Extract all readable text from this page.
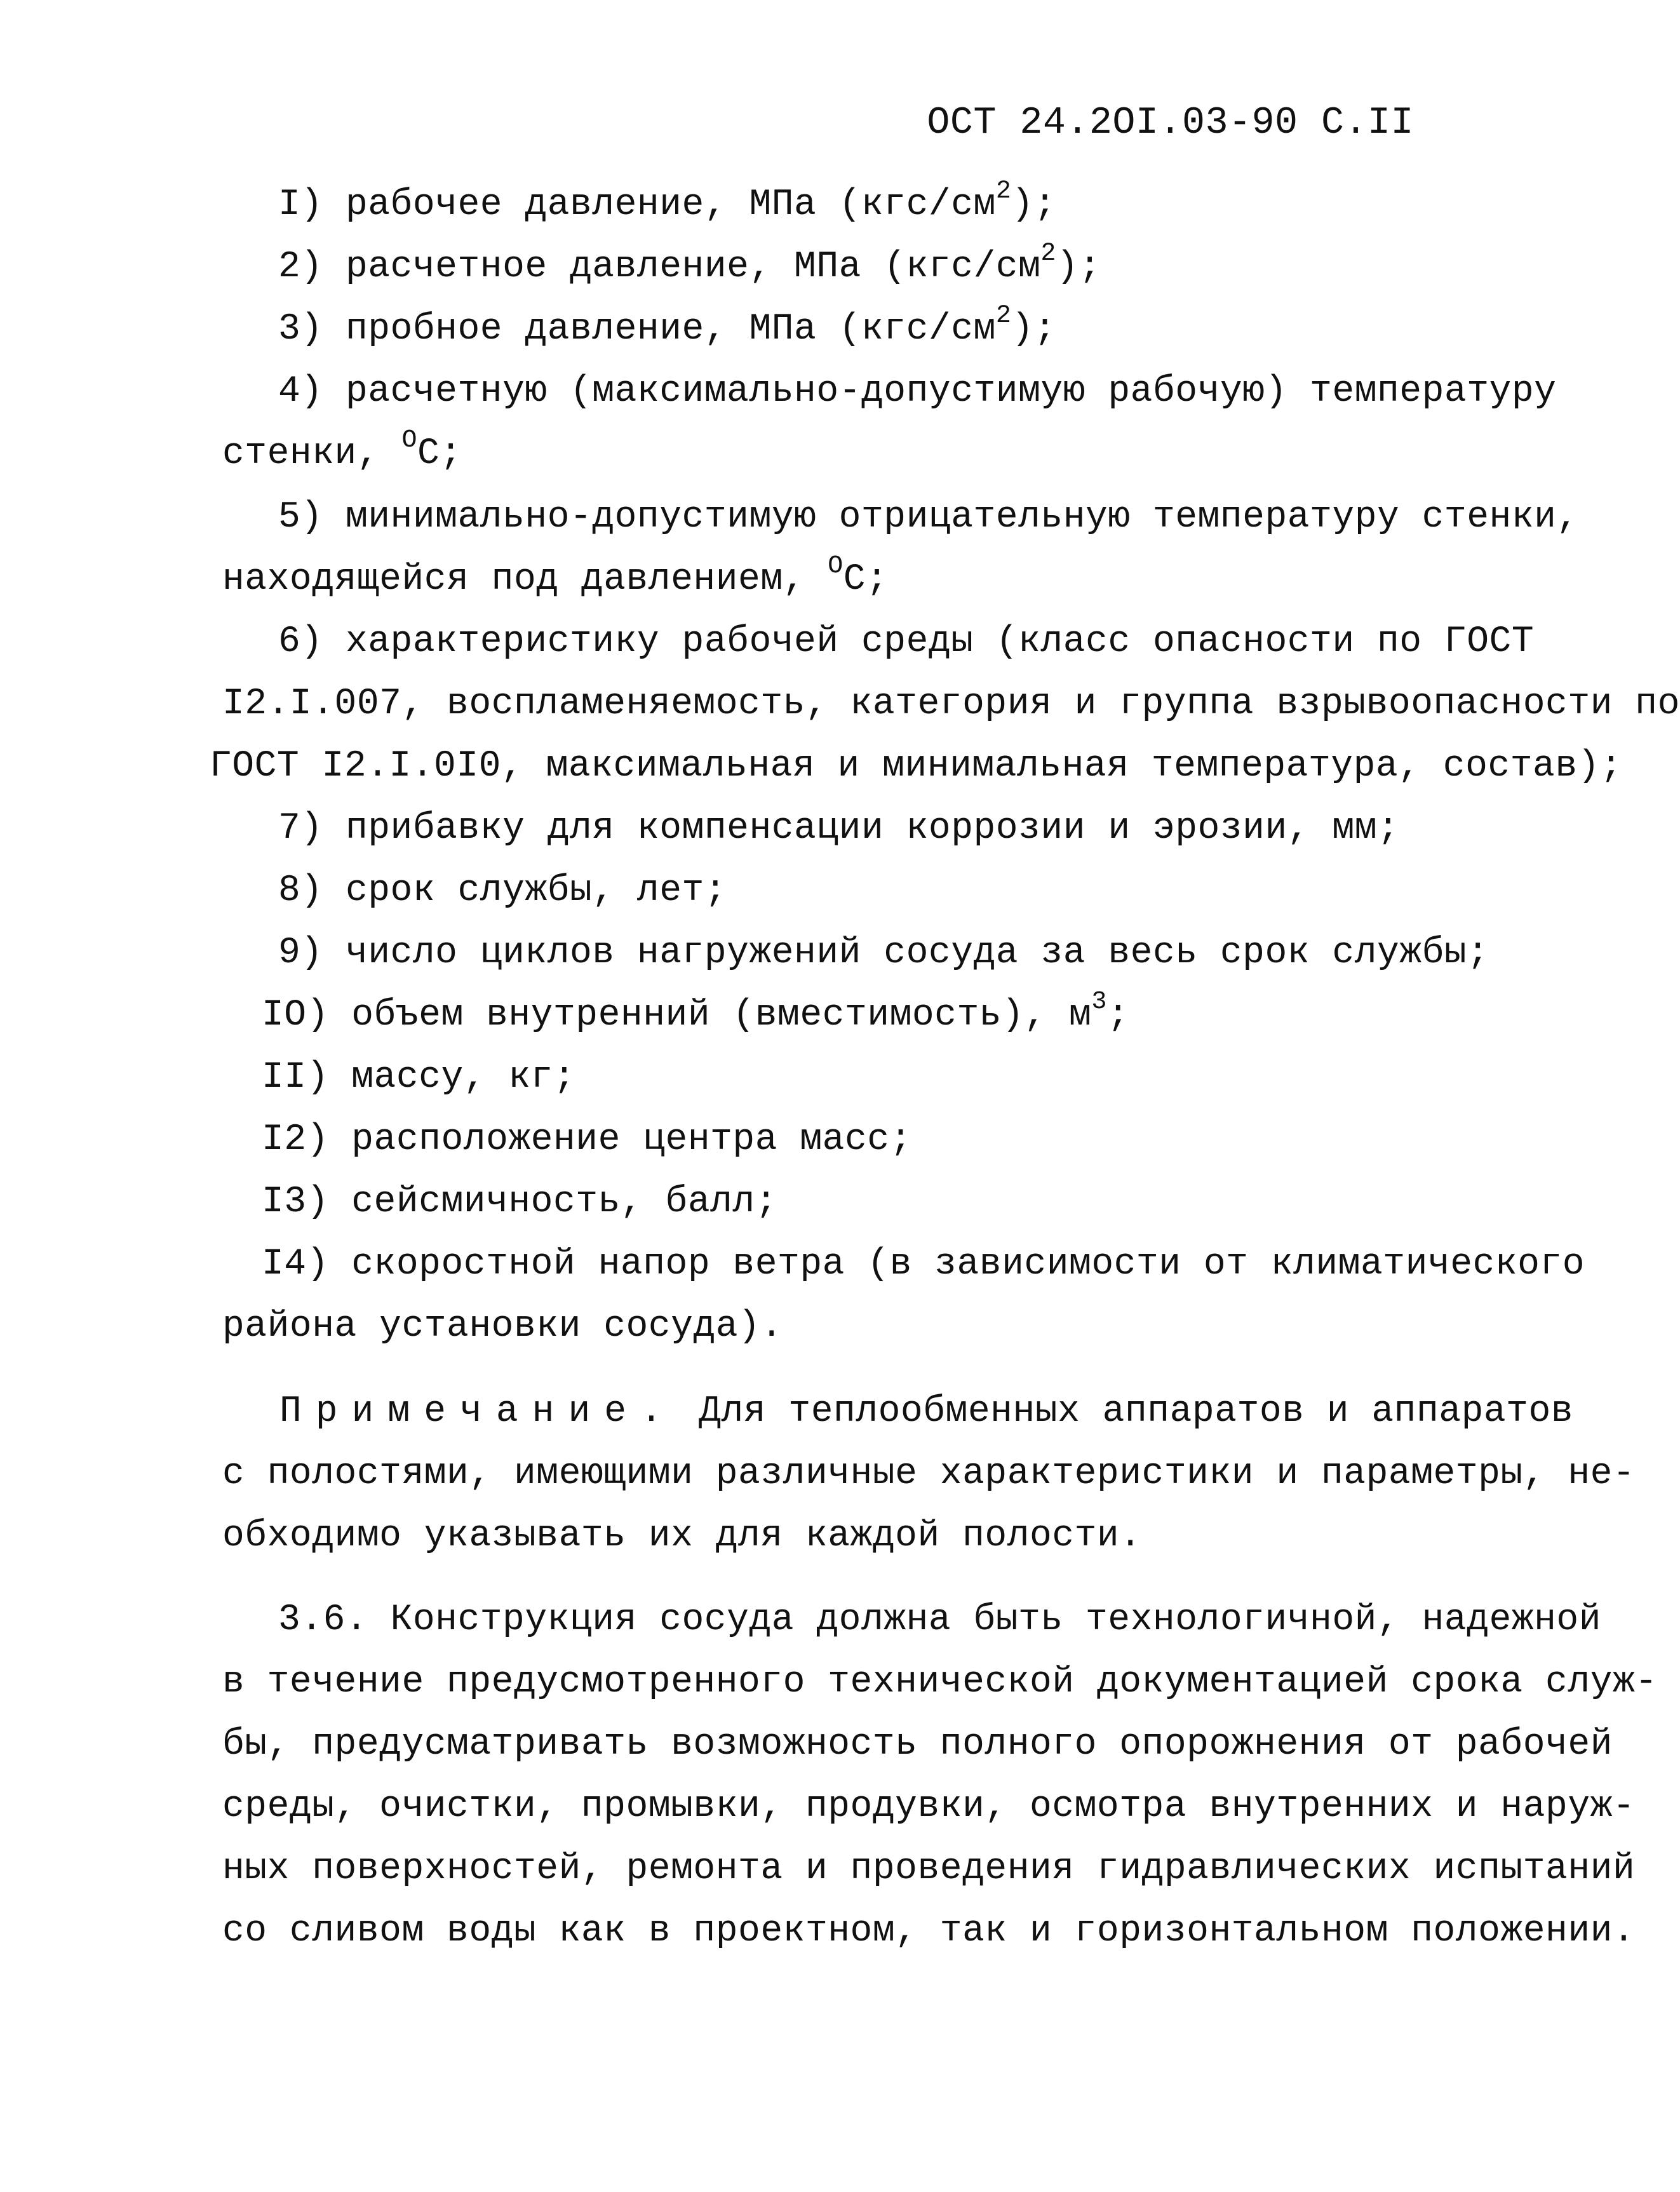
ОСТ 24.2OI.03-90 С.II
I) рабочее давление, МПа $(кгс/см^2)$;
2) расчетное давление, МПа $(кгс/см^2)$;
3) пробное давление, МПа $(кгс/см^2)$;
4) расчетную (максимально-допустимую рабочую) температуру
стенки, $^O$С;
5) минимально-допустимую отрицательную температуру стенки,
находящейся под давлением, $^O$С;
6) характеристику рабочей среды (класс опасности по ГОСТ
I2.I.007, воспламеняемость, категория и группа взрывоопасности по
ГОСТ I2.I.0I0, максимальная и минимальная температура, состав);
7) прибавку для компенсации коррозии и эрозии, мм;
8) срок службы, лет;
9) число циклов нагружений сосуда за весь срок службы;
IO) объем внутренний (вместимость), $м^3$;
II) массу, кг;
I2) расположение центра масс;
I3) сейсмичность, балл;
I4) скоростной напор ветра (в зависимости от климатического
района установки сосуда).
Примечание. Для теплообменных аппаратов и аппаратов
с полостями, имеющими различные характеристики и параметры, не-
обходимо указывать их для каждой полости.
3.6. Конструкция сосуда должна быть технологичной, надежной
в течение предусмотренного технической документацией срока служ-
бы, предусматривать возможность полного опорожнения от рабочей
среды, очистки, промывки, продувки, осмотра внутренних и наруж-
ных поверхностей, ремонта и проведения гидравлических испытаний
со сливом воды как в проектном, так и горизонтальном положении.
